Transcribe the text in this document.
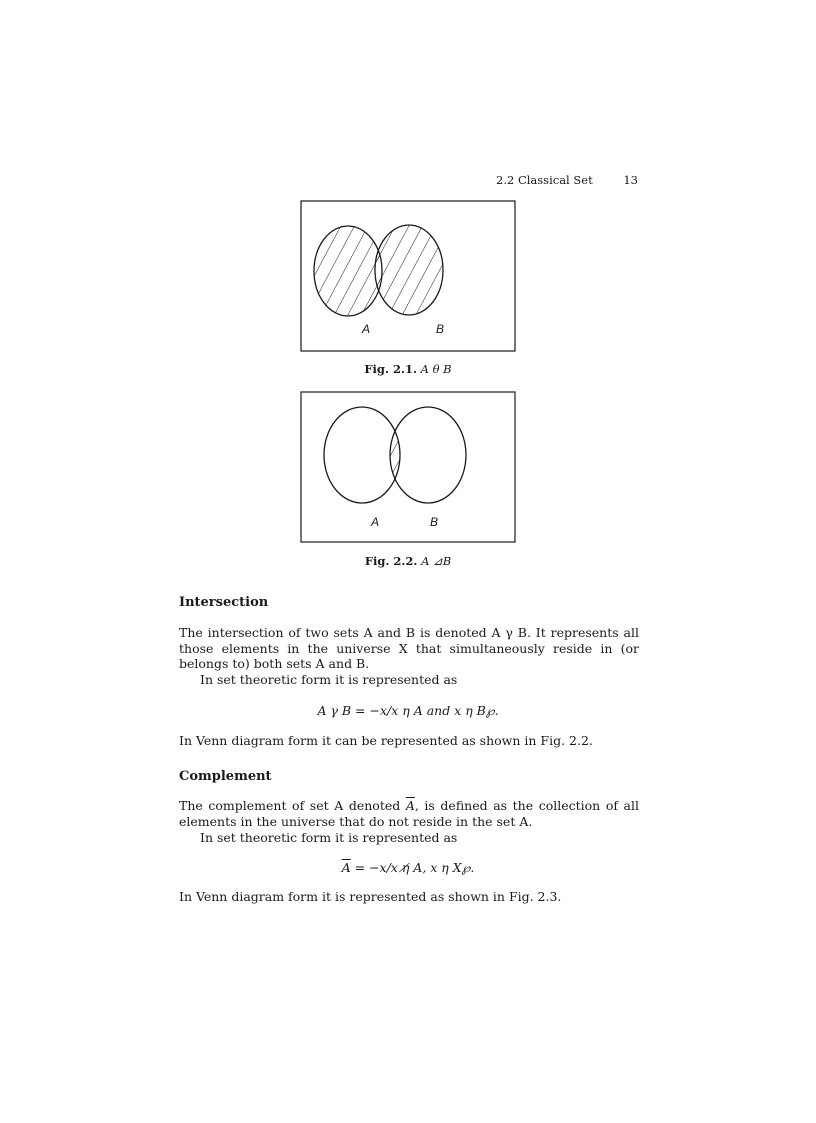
2.2 Classical Set	13
A	B
Fig. 2.1. A θ B
A	B
Fig. 2.2. A ⊿B
Intersection
The intersection of two sets A and B is denoted A γ B. It represents all those elements in the universe X that simultaneously reside in (or belongs to) both sets A and B.
In set theoretic form it is represented as
A γ B = −x/x η A and x η B℘.
In Venn diagram form it can be represented as shown in Fig. 2.2.
Complement
The complement of set A denoted $\overline{A}$, is defined as the collection of all elements in the universe that do not reside in the set A.
In set theoretic form it is represented as
$\overline{A} = -x/x$ η̸ A, x η X℘.
In Venn diagram form it is represented as shown in Fig. 2.3.
